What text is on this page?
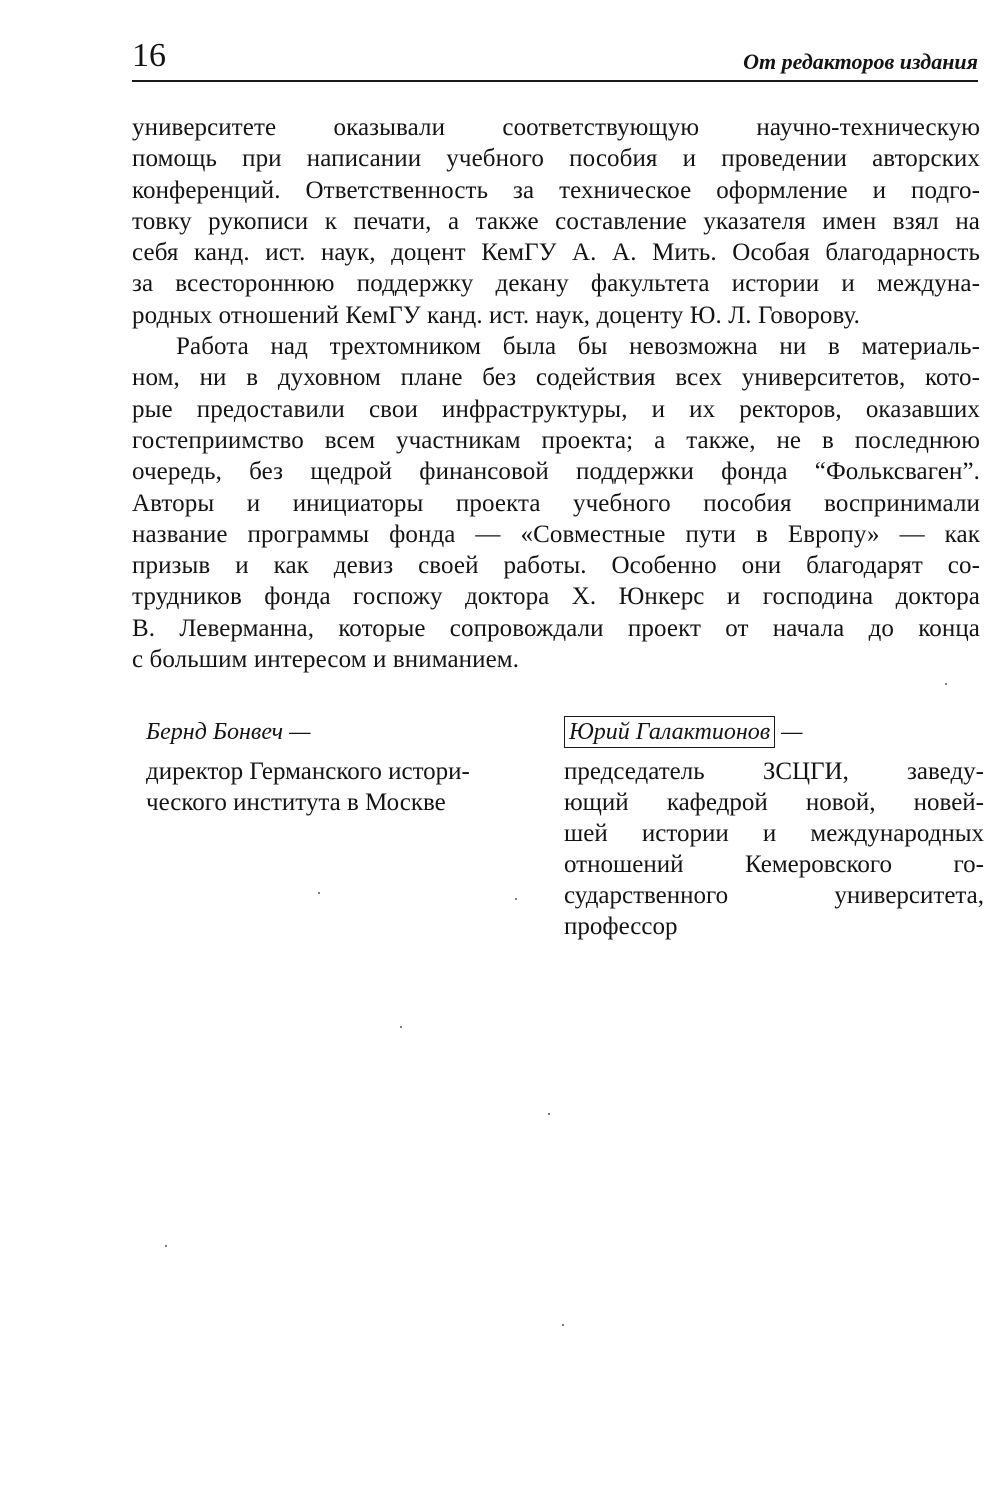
16	От редакторов издания

университете оказывали соответствующую научно-техническую
помощь при написании учебного пособия и проведении авторских
конференций. Ответственность за техническое оформление и подго-
товку рукописи к печати, а также составление указателя имен взял на
себя канд. ист. наук, доцент КемГУ А. А. Мить. Особая благодарность
за всестороннюю поддержку декану факультета истории и междуна-
родных отношений КемГУ канд. ист. наук, доценту Ю. Л. Говорову.

Работа над трехтомником была бы невозможна ни в материаль-
ном, ни в духовном плане без содействия всех университетов, кото-
рые предоставили свои инфраструктуры, и их ректоров, оказавших
гостеприимство всем участникам проекта; а также, не в последнюю
очередь, без щедрой финансовой поддержки фонда “Фольксваген”.
Авторы и инициаторы проекта учебного пособия воспринимали
название программы фонда — «Совместные пути в Европу» — как
призыв и как девиз своей работы. Особенно они благодарят со-
трудников фонда госпожу доктора Х. Юнкерс и господина доктора
В. Леверманна, которые сопровождали проект от начала до конца
с большим интересом и вниманием.

Бернд Бонвеч —

директор Германского истори-
ческого института в Москве

Юрий Галактионов —

председатель ЗСЦГИ, заведу-
ющий кафедрой новой, новей-
шей истории и международных
отношений Кемеровского го-
сударственного университета,
профессор
